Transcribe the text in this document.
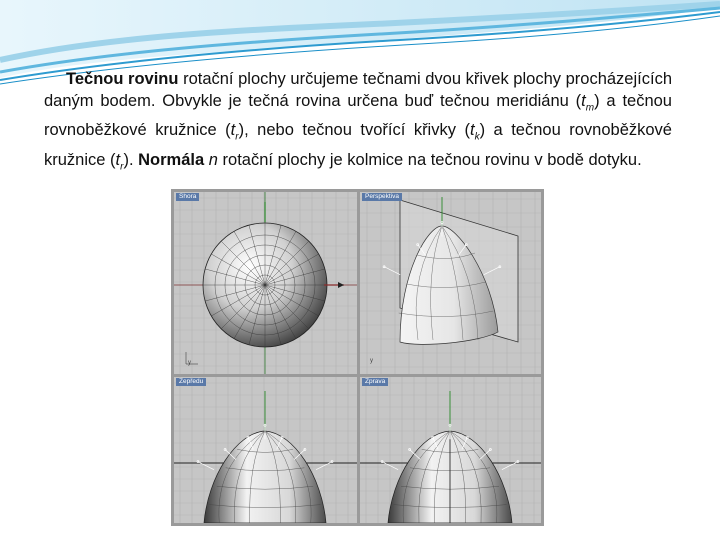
Tečnou rovinu rotační plochy určujeme tečnami dvou křivek plochy procházejících daným bodem. Obvykle je tečná rovina určena buď tečnou meridiánu $(t_m)$ a tečnou rovnoběžkové kružnice $(t_r)$, nebo tečnou tvořící křivky $(t_k)$ a tečnou rovnoběžkové kružnice $(t_r)$. Normála n rotační plochy je kolmice na tečnou rovinu v bodě dotyku.

Shora
y
Perspektiva
y
Zepředu	Zprava
